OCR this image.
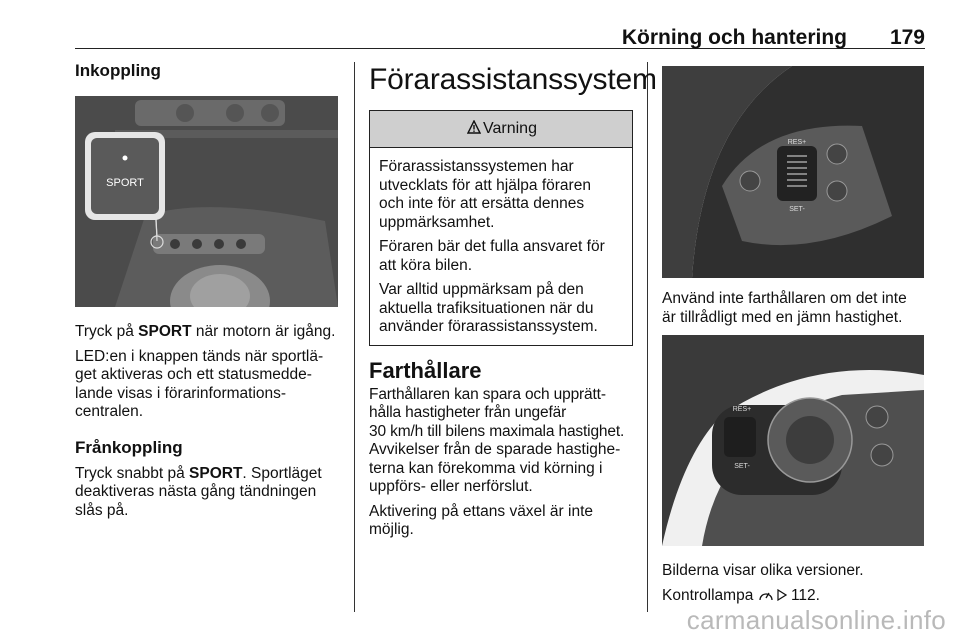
Körning och hantering 179
Inkoppling
SPORT

Tryck på SPORT när motorn är igång.

LED:en i knappen tänds när sportlä-
get aktiveras och ett statusmedde-
lande visas i förarinformations-
centralen.

Frånkoppling

Tryck snabbt på SPORT. Sportläget
deaktiveras nästa gång tändningen
slås på.

Förarassistanssystem
Varning

Förarassistanssystemen har
utvecklats för att hjälpa föraren
och inte för att ersätta dennes
uppmärksamhet.

Föraren bär det fulla ansvaret för
att köra bilen.

Var alltid uppmärksam på den
aktuella trafiksituationen när du
använder förarassistanssystem.

Farthållare

Farthållaren kan spara och upprätt-
hålla hastigheter från ungefär
30 km/h till bilens maximala hastighet.

Avvikelser från de sparade hastighe-
terna kan förekomma vid körning i
uppförs- eller nerförslut.

Aktivering på ettans växel är inte
möjlig.

RES+
SET-

Använd inte farthållaren om det inte
är tillrådligt med en jämn hastighet.

RES+
SET-

Bilderna visar olika versioner.

Kontrollampa  112.

carmanualsonline.info
